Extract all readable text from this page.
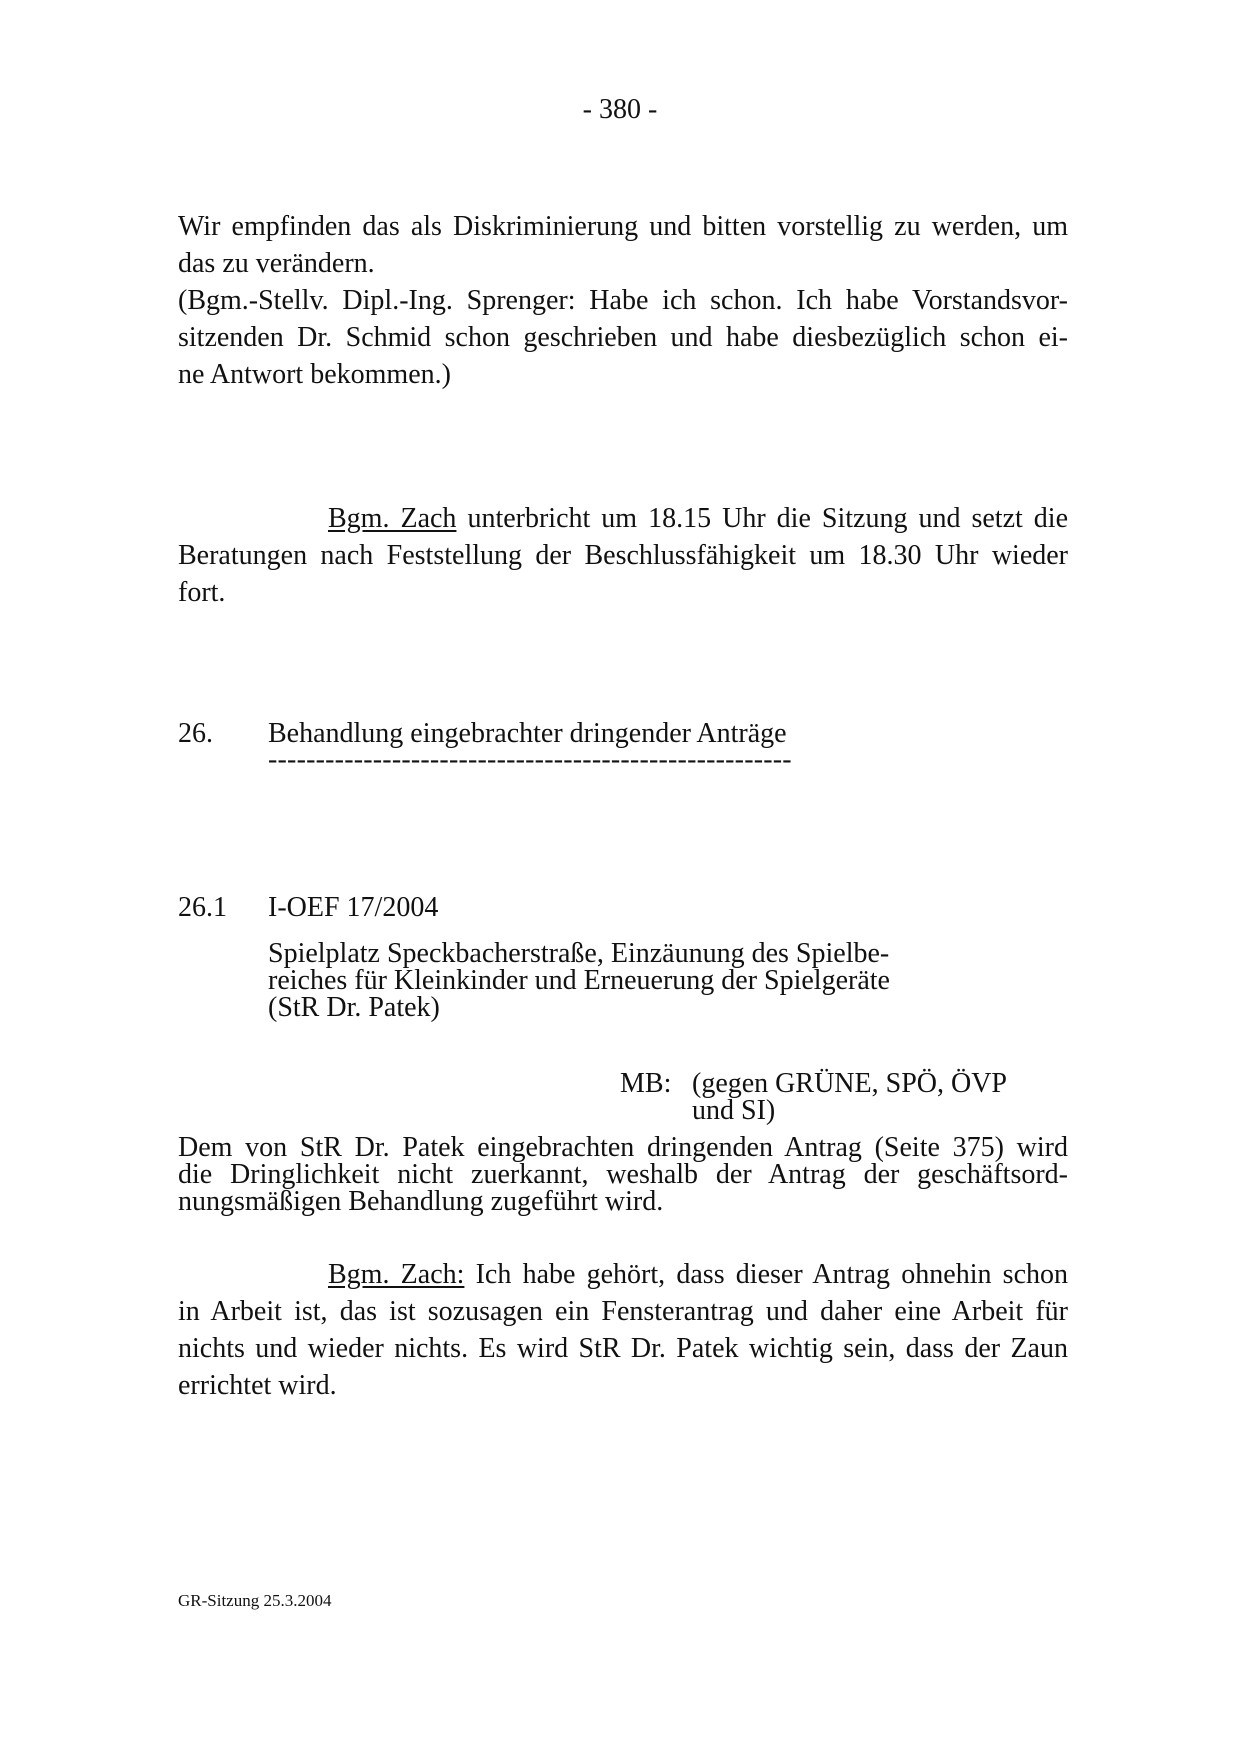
- 380 -
Wir empfinden das als Diskriminierung und bitten vorstellig zu werden, um
das zu verändern.
(Bgm.-Stellv. Dipl.-Ing. Sprenger: Habe ich schon. Ich habe Vorstandsvor-
sitzenden Dr. Schmid schon geschrieben und habe diesbezüglich schon ei-
ne Antwort bekommen.)
Bgm. Zach unterbricht um 18.15 Uhr die Sitzung und setzt die
Beratungen nach Feststellung der Beschlussfähigkeit um 18.30 Uhr wieder
fort.
26. Behandlung eingebrachter dringender Anträge
-------------------------------------------------------
26.1 I-OEF 17/2004
Spielplatz Speckbacherstraße, Einzäunung des Spielbe-
reiches für Kleinkinder und Erneuerung der Spielgeräte
(StR Dr. Patek)
MB: (gegen GRÜNE, SPÖ, ÖVP
und SI)
Dem von StR Dr. Patek eingebrachten dringenden Antrag (Seite 375) wird
die Dringlichkeit nicht zuerkannt, weshalb der Antrag der geschäftsord-
nungsmäßigen Behandlung zugeführt wird.
Bgm. Zach: Ich habe gehört, dass dieser Antrag ohnehin schon
in Arbeit ist, das ist sozusagen ein Fensterantrag und daher eine Arbeit für
nichts und wieder nichts. Es wird StR Dr. Patek wichtig sein, dass der Zaun
errichtet wird.
GR-Sitzung 25.3.2004
